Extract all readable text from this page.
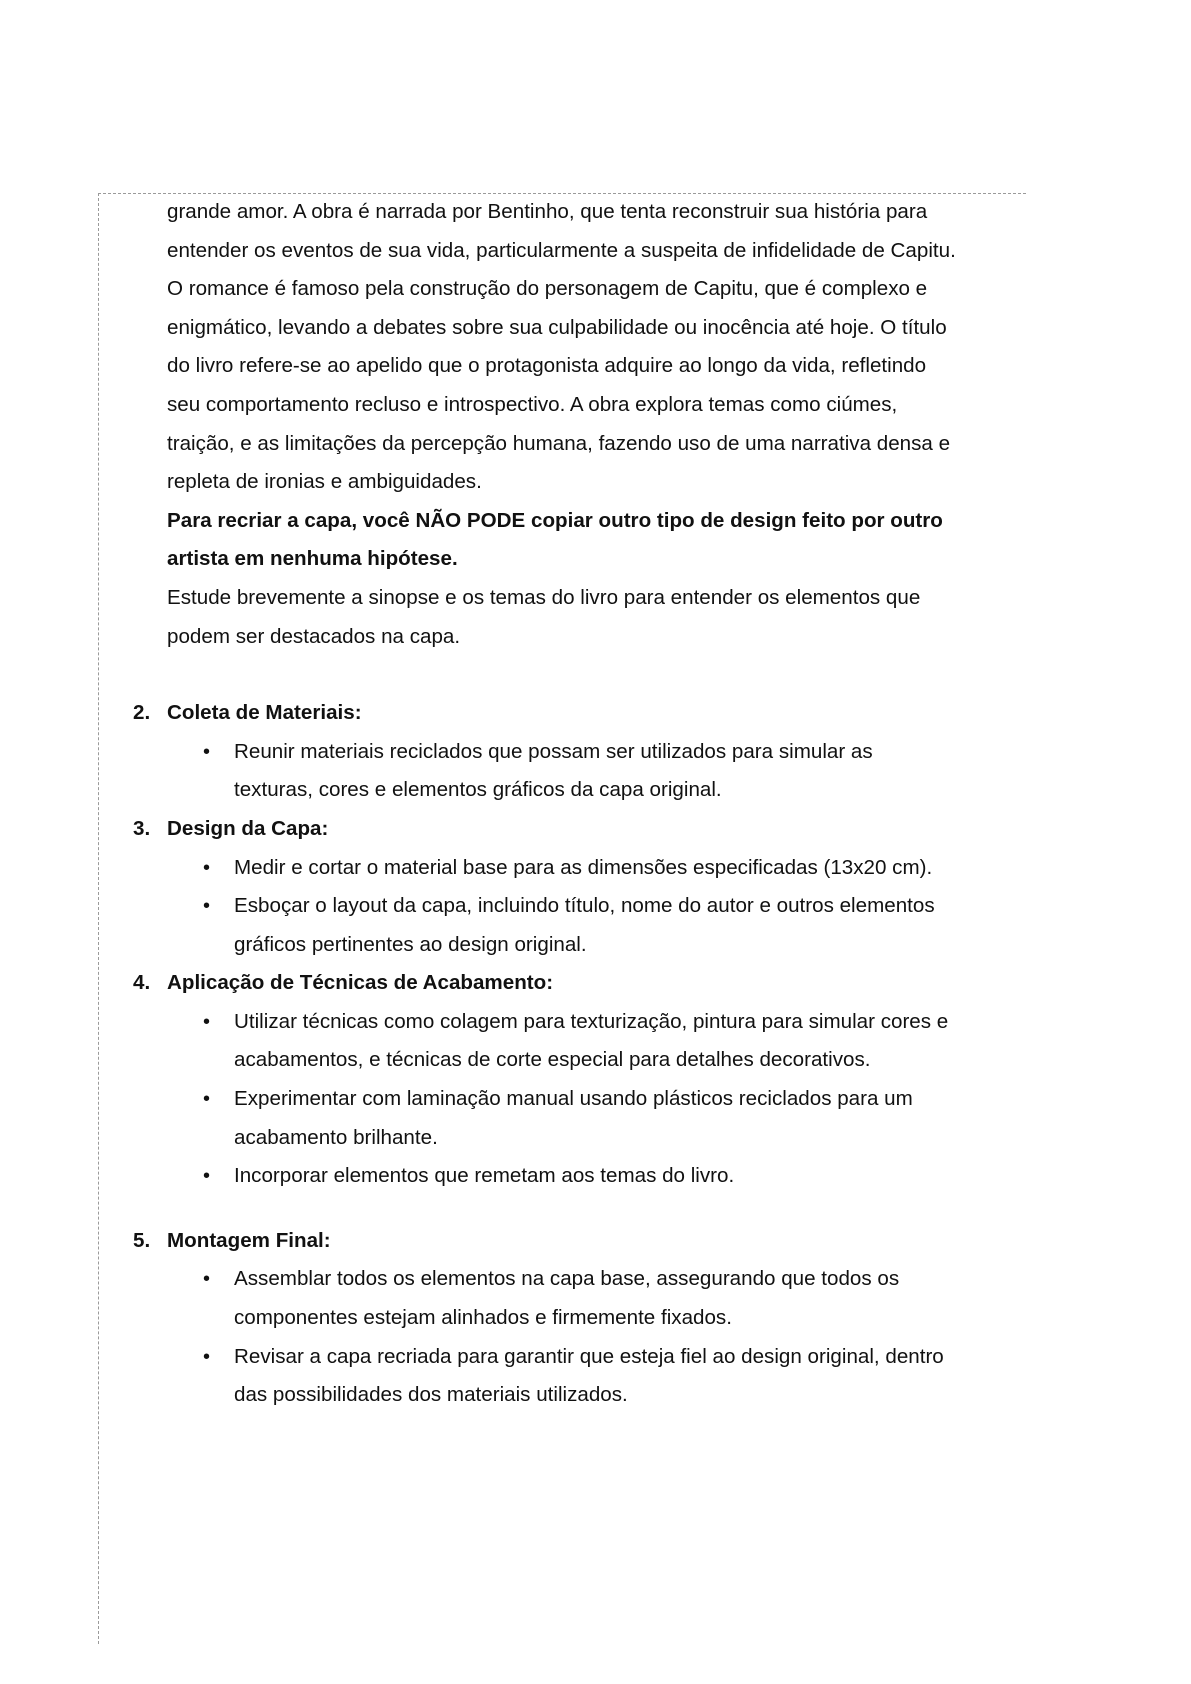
grande amor. A obra é narrada por Bentinho, que tenta reconstruir sua história para entender os eventos de sua vida, particularmente a suspeita de infidelidade de Capitu. O romance é famoso pela construção do personagem de Capitu, que é complexo e enigmático, levando a debates sobre sua culpabilidade ou inocência até hoje. O título do livro refere-se ao apelido que o protagonista adquire ao longo da vida, refletindo seu comportamento recluso e introspectivo. A obra explora temas como ciúmes, traição, e as limitações da percepção humana, fazendo uso de uma narrativa densa e repleta de ironias e ambiguidades.

Para recriar a capa, você NÃO PODE copiar outro tipo de design feito por outro artista em nenhuma hipótese.

Estude brevemente a sinopse e os temas do livro para entender os elementos que podem ser destacados na capa.

2. Coleta de Materiais:

• Reunir materiais reciclados que possam ser utilizados para simular as texturas, cores e elementos gráficos da capa original.

3. Design da Capa:

• Medir e cortar o material base para as dimensões especificadas (13x20 cm).

• Esboçar o layout da capa, incluindo título, nome do autor e outros elementos gráficos pertinentes ao design original.

4. Aplicação de Técnicas de Acabamento:

• Utilizar técnicas como colagem para texturização, pintura para simular cores e acabamentos, e técnicas de corte especial para detalhes decorativos.

• Experimentar com laminação manual usando plásticos reciclados para um acabamento brilhante.

• Incorporar elementos que remetam aos temas do livro.

5. Montagem Final:

• Assemblar todos os elementos na capa base, assegurando que todos os componentes estejam alinhados e firmemente fixados.

• Revisar a capa recriada para garantir que esteja fiel ao design original, dentro das possibilidades dos materiais utilizados.
